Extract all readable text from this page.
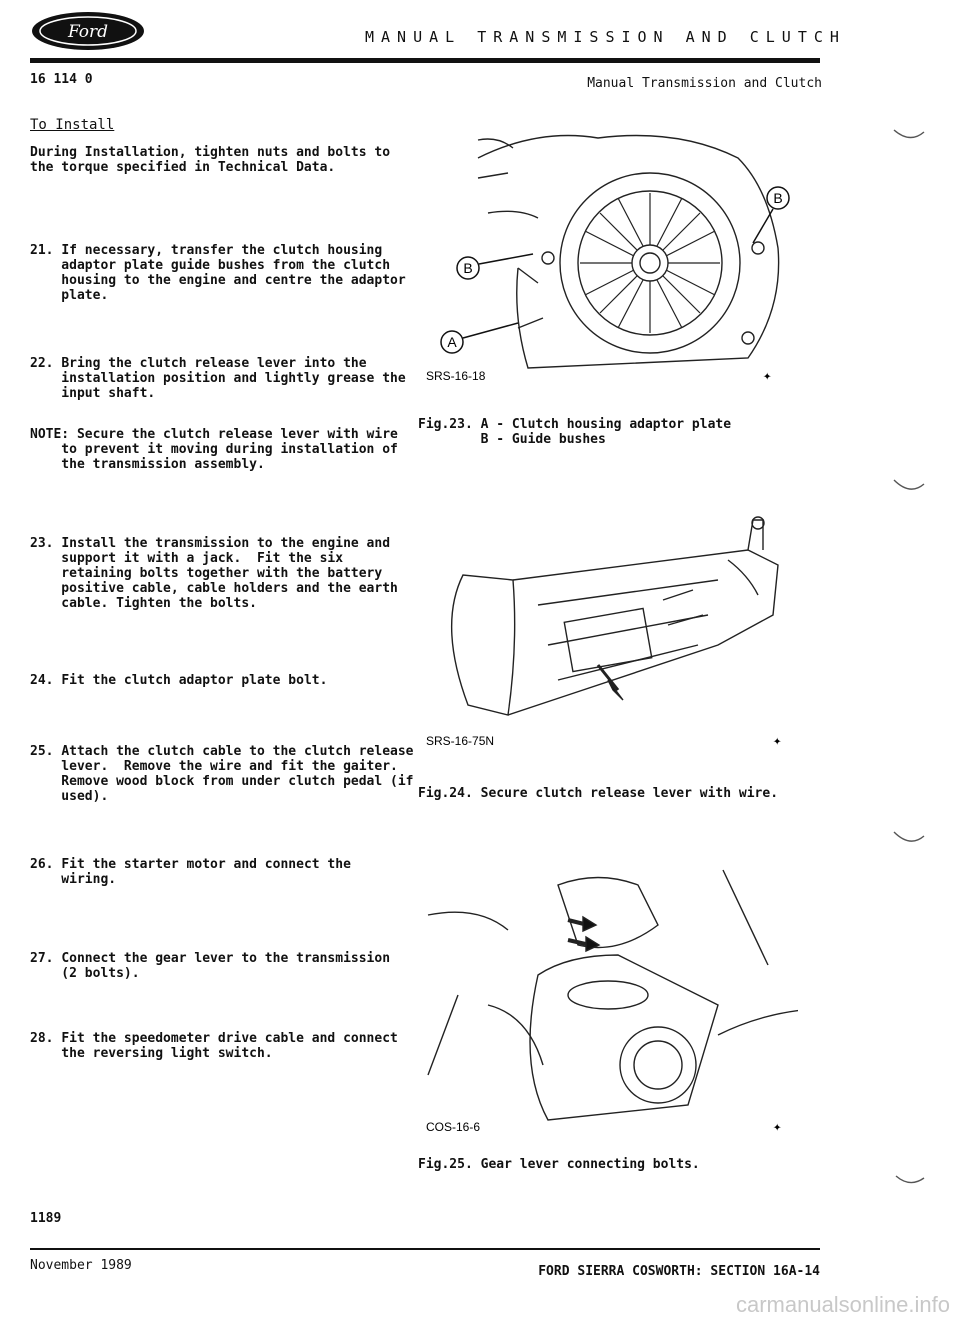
Ford	MANUAL TRANSMISSION AND CLUTCH
16 114 0	Manual Transmission and Clutch
To Install
During Installation, tighten nuts and bolts to
the torque specified in Technical Data.
21. If necessary, transfer the clutch housing
adaptor plate guide bushes from the clutch
housing to the engine and centre the adaptor
plate.
22. Bring the clutch release lever into the
installation position and lightly grease the
input shaft.
NOTE: Secure the clutch release lever with wire
to prevent it moving during installation of
the transmission assembly.
23. Install the transmission to the engine and
support it with a jack.  Fit the six
retaining bolts together with the battery
positive cable, cable holders and the earth
cable. Tighten the bolts.
24. Fit the clutch adaptor plate bolt.
25. Attach the clutch cable to the clutch release
lever.  Remove the wire and fit the gaiter.
Remove wood block from under clutch pedal (if
used).
26. Fit the starter motor and connect the
wiring.
27. Connect the gear lever to the transmission
(2 bolts).
28. Fit the speedometer drive cable and connect
the reversing light switch.
B
A
B
SRS-16-18	✦
Fig.23. A - Clutch housing adaptor plate
B - Guide bushes
SRS-16-75N	✦
Fig.24. Secure clutch release lever with wire.
COS-16-6	✦
Fig.25. Gear lever connecting bolts.
1189
November 1989	FORD SIERRA COSWORTH: SECTION 16A-14
carmanualsonline.info
